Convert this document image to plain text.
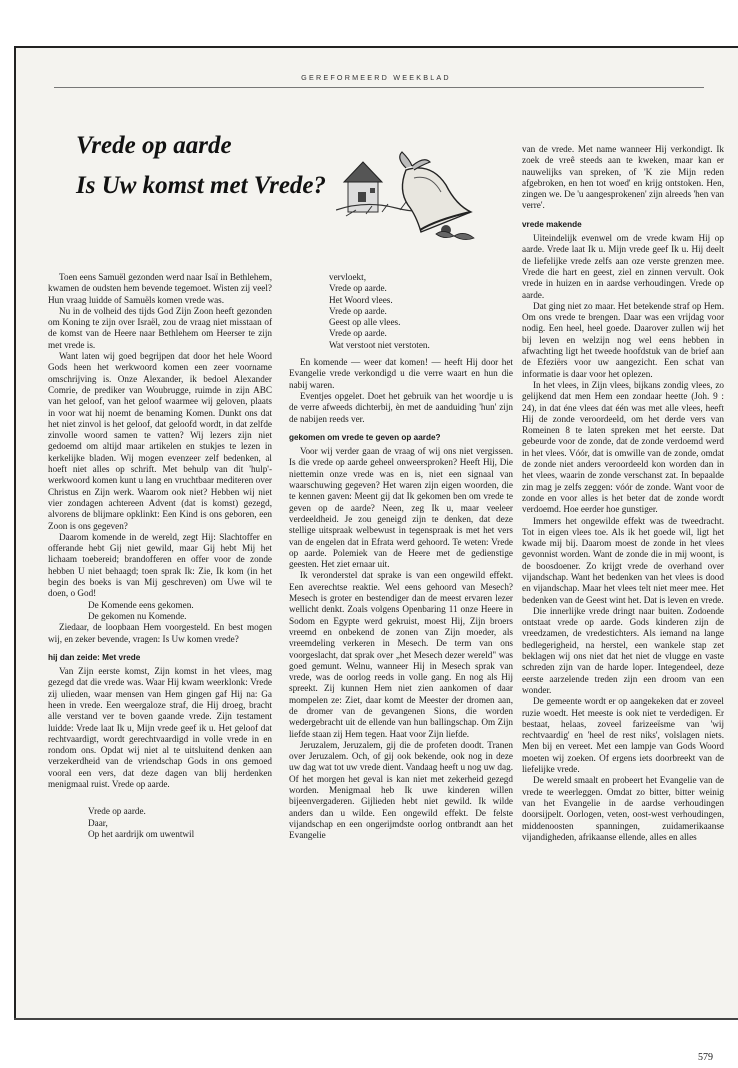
GEREFORMEERD WEEKBLAD
Vrede op aarde
Is Uw komst met Vrede?

Toen eens Samuël gezonden werd naar Isaï in Bethlehem, kwamen de oudsten hem bevende tegemoet. Wisten zij veel? Hun vraag luidde of Samuëls komen vrede was.

Nu in de volheid des tijds God Zijn Zoon heeft gezonden om Koning te zijn over Israël, zou de vraag niet misstaan of de komst van de Heere naar Bethlehem om Heerser te zijn met vrede is.

Want laten wij goed begrijpen dat door het hele Woord Gods heen het werkwoord komen een zeer voorname omschrijving is. Onze Alexander, ik bedoel Alexander Comrie, de prediker van Woubrugge, ruimde in zijn ABC van het geloof, van het geloof waarmee wij geloven, plaats in voor wat hij noemt de benaming Komen. Dunkt ons dat het niet zinvol is het geloof, dat geloofd wordt, in dat zelfde zinvolle woord samen te vatten? Wij lezers zijn niet gedoemd om altijd maar artikelen en stukjes te lezen in kerkelijke bladen. Wij mogen evenzeer zelf bedenken, al hoeft niet alles op schrift. Met behulp van dit 'hulp'-werkwoord komen kunt u lang en vruchtbaar mediteren over Christus en Zijn werk. Waarom ook niet? Hebben wij niet vier zondagen achtereen Advent (dat is komst) gezegd, alvorens de blijmare opklinkt: Een Kind is ons geboren, een Zoon is ons gegeven?

Daarom komende in de wereld, zegt Hij: Slachtoffer en offerande hebt Gij niet gewild, maar Gij hebt Mij het lichaam toebereid; brandofferen en offer voor de zonde hebben U niet behaagd; toen sprak Ik: Zie, Ik kom (in het begin des boeks is van Mij geschreven) om Uwe wil te doen, o God!

De Komende eens gekomen.

De gekomen nu Komende.

Ziedaar, de loopbaan Hem voorgesteld. En best mogen wij, en zeker bevende, vragen: Is Uw komen vrede?

hij dan zeide: Met vrede

Van Zijn eerste komst, Zijn komst in het vlees, mag gezegd dat die vrede was. Waar Hij kwam weerklonk: Vrede zij ulieden, waar mensen van Hem gingen gaf Hij na: Ga heen in vrede. Een weergaloze straf, die Hij droeg, bracht alle verstand ver te boven gaande vrede. Zijn testament luidde: Vrede laat Ik u, Mijn vrede geef ik u. Het geloof dat rechtvaardigt, wordt gerechtvaardigd in volle vrede in en rondom ons. Opdat wij niet al te uitsluitend denken aan verzekerdheid van de vriendschap Gods in ons gemoed vooral een vers, dat deze dagen van blij herdenken menigmaal ruist. Vrede op aarde.

Vrede op aarde.
Daar,
Op het aardrijk om uwentwil
vervloekt,
Vrede op aarde.
Het Woord vlees.
Vrede op aarde.
Geest op alle vlees.
Vrede op aarde.
Wat verstoot niet verstoten.

En komende — weer dat komen! — heeft Hij door het Evangelie vrede verkondigd u die verre waart en hun die nabij waren.

Eventjes opgelet. Doet het gebruik van het woordje u is de verre afweeds dichterbij, èn met de aanduiding 'hun' zijn de nabijen reeds ver.

gekomen om vrede te geven op aarde?

Voor wij verder gaan de vraag of wij ons niet vergissen. Is die vrede op aarde geheel onweersproken? Heeft Hij, Die niettemin onze vrede was en is, niet een signaal van waarschuwing gegeven? Het waren zijn eigen woorden, die te kennen gaven: Meent gij dat Ik gekomen ben om vrede te geven op de aarde? Neen, zeg Ik u, maar veeleer verdeeldheid. Je zou geneigd zijn te denken, dat deze stellige uitspraak welbewust in tegenspraak is met het vers van de engelen dat in Efrata werd gehoord. Te weten: Vrede op aarde. Polemiek van de Heere met de gedienstige geesten. Het ziet ernaar uit.

Ik veronderstel dat sprake is van een ongewild effekt. Een averechtse reaktie. Wel eens gehoord van Mesech? Mesech is groter en bestendiger dan de meest ervaren lezer wellicht denkt. Zoals volgens Openbaring 11 onze Heere in Sodom en Egypte werd gekruist, moest Hij, Zijn broers vreemd en onbekend de zonen van Zijn moeder, als vreemdeling verkeren in Mesech. De term van ons voorgeslacht, dat sprak over „het Mesech dezer wereld" was goed gemunt. Welnu, wanneer Hij in Mesech sprak van vrede, was de oorlog reeds in volle gang. En nog als Hij spreekt. Zij kunnen Hem niet zien aankomen of daar mompelen ze: Ziet, daar komt de Meester der dromen aan, de dromer van de gevangenen Sions, die worden wedergebracht uit de ellende van hun ballingschap. Om Zijn liefde staan zij Hem tegen. Haat voor Zijn liefde.

Jeruzalem, Jeruzalem, gij die de profeten doodt. Tranen over Jeruzalem. Och, of gij ook bekende, ook nog in deze uw dag wat tot uw vrede dient. Vandaag heeft u nog uw dag. Of het morgen het geval is kan niet met zekerheid gezegd worden. Menigmaal heb Ik uwe kinderen willen bijeenvergaderen. Gijlieden hebt niet gewild. Ik wilde anders dan u wilde. Een ongewild effekt. De felste vijandschap en een ongerijmdste oorlog ontbrandt aan het Evangelie

van de vrede. Met name wanneer Hij verkondigt. Ik zoek de vreê steeds aan te kweken, maar kan er nauwelijks van spreken, of 'K zie Mijn reden afgebroken, en hen tot woed' en krijg ontstoken. Hen, zingen we. De 'u aangesprokenen' zijn alreeds 'hen van verre'.

vrede makende

Uiteindelijk evenwel om de vrede kwam Hij op aarde. Vrede laat Ik u. Mijn vrede geef Ik u. Hij deelt de liefelijke vrede zelfs aan oze verste grenzen mee. Vrede die hart en geest, ziel en zinnen vervult. Ook vrede in huizen en in aardse verhoudingen. Vrede op aarde.

Dat ging niet zo maar. Het betekende straf op Hem. Om ons vrede te brengen. Daar was een vrijdag voor nodig. Een heel, heel goede. Daarover zullen wij het bij leven en welzijn nog wel eens hebben in afwachting ligt het tweede hoofdstuk van de brief aan de Efeziërs voor uw aangezicht. Een schat van informatie is daar voor het oplezen.

In het vlees, in Zijn vlees, bijkans zondig vlees, zo gelijkend dat men Hem een zondaar heette (Joh. 9 : 24), in dat éne vlees dat één was met alle vlees, heeft Hij de zonde veroordeeld, om het derde vers van Romeinen 8 te laten spreken met het eerste. Dat gebeurde voor de zonde, dat de zonde verdoemd werd in het vlees. Vóór, dat is omwille van de zonde, omdat de zonde niet anders veroordeeld kon worden dan in het vlees, waarin de zonde verschanst zat. In bepaalde zin mag je zelfs zeggen: vóór de zonde. Want voor de zonde en voor alles is het beter dat de zonde wordt verdoemd. Hoe eerder hoe gunstiger.

Immers het ongewilde effekt was de tweedracht. Tot in eigen vlees toe. Als ik het goede wil, ligt het kwade mij bij. Daarom moest de zonde in het vlees gevonnist worden. Want de zonde die in mij woont, is de boosdoener. Zo krijgt vrede de overhand over vijandschap. Want het bedenken van het vlees is dood en vijandschap. Maar het vlees telt niet meer mee. Het bedenken van de Geest wint het. Dat is leven en vrede.

Die innerlijke vrede dringt naar buiten. Zodoende ontstaat vrede op aarde. Gods kinderen zijn de vreedzamen, de vredestichters. Als iemand na lange bedlegerigheid, na herstel, een wankele stap zet beklagen wij ons niet dat het niet de vlugge en vaste schreden zijn van de harde loper. Integendeel, deze eerste aarzelende treden zijn een droom van een wonder.

De gemeente wordt er op aangekeken dat er zoveel ruzie woedt. Het meeste is ook niet te verdedigen. Er bestaat, helaas, zoveel farizeeïsme van 'wij rechtvaardig' en 'heel de rest niks', volslagen niets. Men bij en vereet. Met een lampje van Gods Woord moeten wij zoeken. Of ergens iets doorbreekt van de liefelijke vrede.

De wereld smaalt en probeert het Evangelie van de vrede te weerleggen. Omdat zo bitter, bitter weinig van het Evangelie in de aardse verhoudingen doorsijpelt. Oorlogen, veten, oost-west verhoudingen, middenoosten spanningen, zuidamerikaanse vijandigheden, afrikaanse ellende, alles en alles

579
